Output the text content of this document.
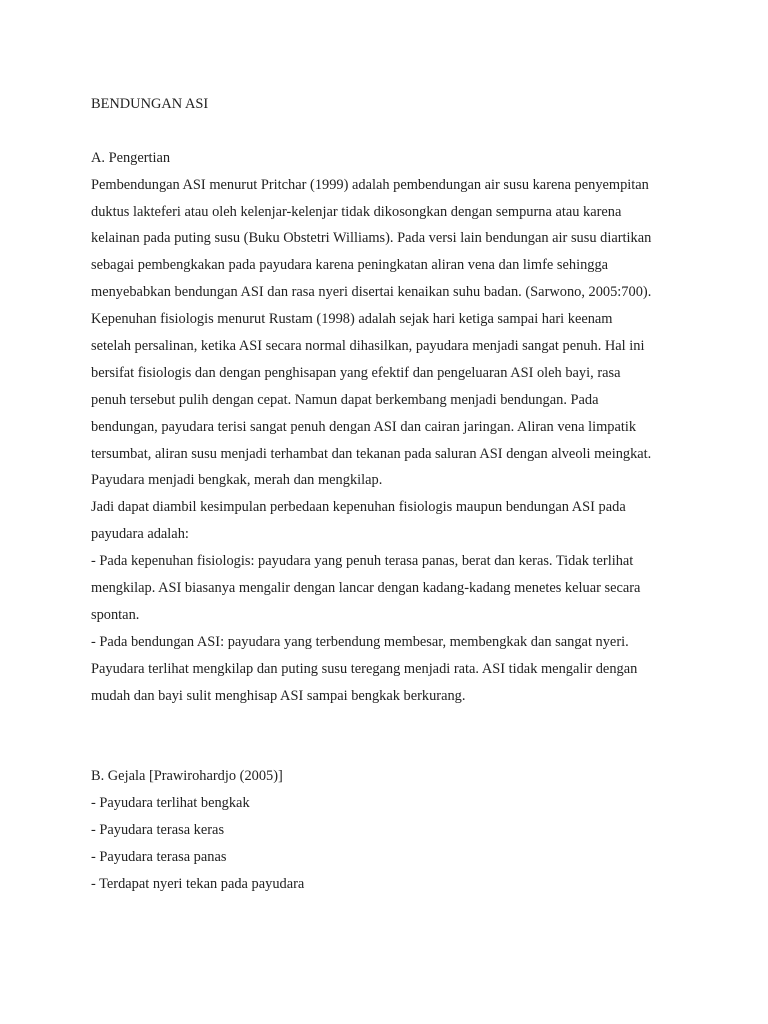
BENDUNGAN ASI
A. Pengertian
Pembendungan ASI menurut Pritchar (1999) adalah pembendungan air susu karena penyempitan
duktus lakteferi atau oleh kelenjar-kelenjar tidak dikosongkan dengan sempurna atau karena
kelainan pada puting susu (Buku Obstetri Williams). Pada versi lain bendungan air susu diartikan
sebagai pembengkakan pada payudara karena peningkatan aliran vena dan limfe sehingga
menyebabkan bendungan ASI dan rasa nyeri disertai kenaikan suhu badan. (Sarwono, 2005:700).
Kepenuhan fisiologis menurut Rustam (1998) adalah sejak hari ketiga sampai hari keenam
setelah persalinan, ketika ASI secara normal dihasilkan, payudara menjadi sangat penuh. Hal ini
bersifat fisiologis dan dengan penghisapan yang efektif dan pengeluaran ASI oleh bayi, rasa
penuh tersebut pulih dengan cepat. Namun dapat berkembang menjadi bendungan. Pada
bendungan, payudara terisi sangat penuh dengan ASI dan cairan jaringan. Aliran vena limpatik
tersumbat, aliran susu menjadi terhambat dan tekanan pada saluran ASI dengan alveoli meingkat.
Payudara menjadi bengkak, merah dan mengkilap.
Jadi dapat diambil kesimpulan perbedaan kepenuhan fisiologis maupun bendungan ASI pada
payudara adalah:
- Pada kepenuhan fisiologis: payudara yang penuh terasa panas, berat dan keras. Tidak terlihat
mengkilap. ASI biasanya mengalir dengan lancar dengan kadang-kadang menetes keluar secara
spontan.
- Pada bendungan ASI: payudara yang terbendung membesar, membengkak dan sangat nyeri.
Payudara terlihat mengkilap dan puting susu teregang menjadi rata. ASI tidak mengalir dengan
mudah dan bayi sulit menghisap ASI sampai bengkak berkurang.
B. Gejala [Prawirohardjo (2005)]
- Payudara terlihat bengkak
- Payudara terasa keras
- Payudara terasa panas
- Terdapat nyeri tekan pada payudara
